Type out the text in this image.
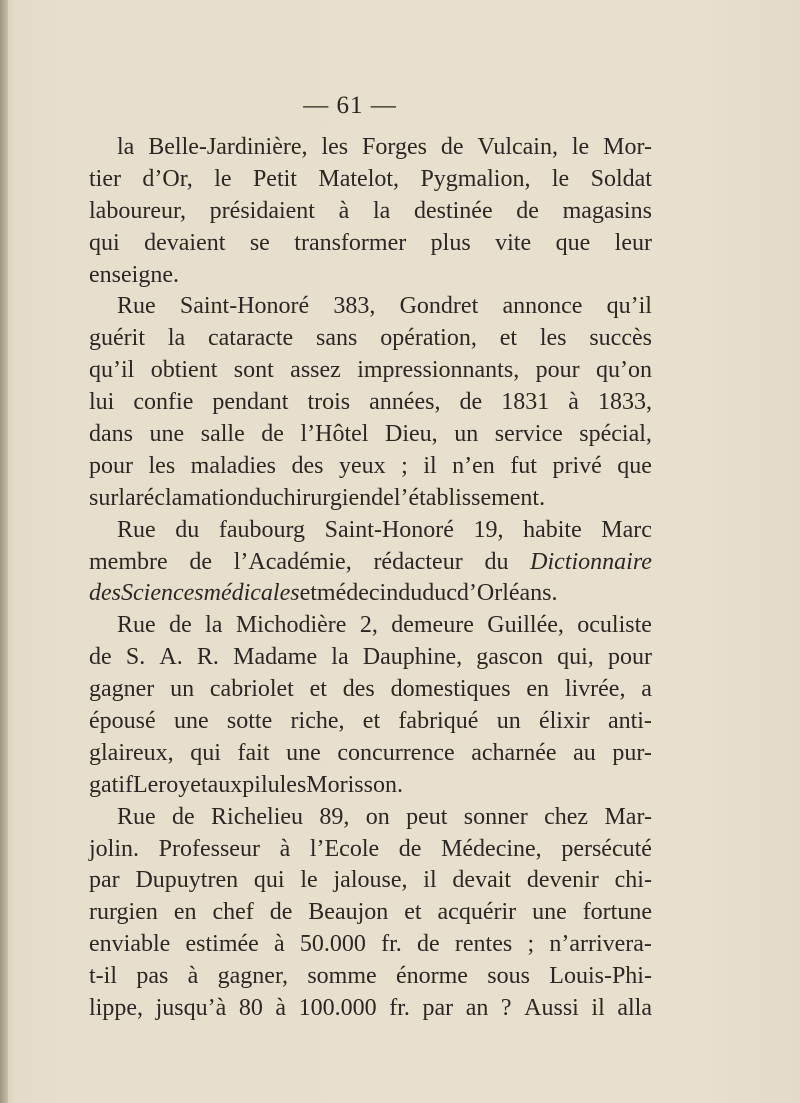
— 61 —
la Belle-Jardinière, les Forges de Vulcain, le Mor-
tier d’Or, le Petit Matelot, Pygmalion, le Soldat
laboureur, présidaient à la destinée de magasins
qui devaient se transformer plus vite que leur
enseigne.
Rue Saint-Honoré 383, Gondret annonce qu’il
guérit la cataracte sans opération, et les succès
qu’il obtient sont assez impressionnants, pour qu’on
lui confie pendant trois années, de 1831 à 1833,
dans une salle de l’Hôtel Dieu, un service spécial,
pour les maladies des yeux ; il n’en fut privé que
sur la réclamation du chirurgien de l’établissement.
Rue du faubourg Saint-Honoré 19, habite Marc
membre de l’Académie, rédacteur du Dictionnaire
des Sciences médicales et médecin du duc d’Orléans.
Rue de la Michodière 2, demeure Guillée, oculiste
de S. A. R. Madame la Dauphine, gascon qui, pour
gagner un cabriolet et des domestiques en livrée, a
épousé une sotte riche, et fabriqué un élixir anti-
glaireux, qui fait une concurrence acharnée au pur-
gatif Leroy et aux pilules Morisson.
Rue de Richelieu 89, on peut sonner chez Mar-
jolin. Professeur à l’Ecole de Médecine, persécuté
par Dupuytren qui le jalouse, il devait devenir chi-
rurgien en chef de Beaujon et acquérir une fortune
enviable estimée à 50.000 fr. de rentes ; n’arrivera-
t-il pas à gagner, somme énorme sous Louis-Phi-
lippe, jusqu’à 80 à 100.000 fr. par an ? Aussi il alla
